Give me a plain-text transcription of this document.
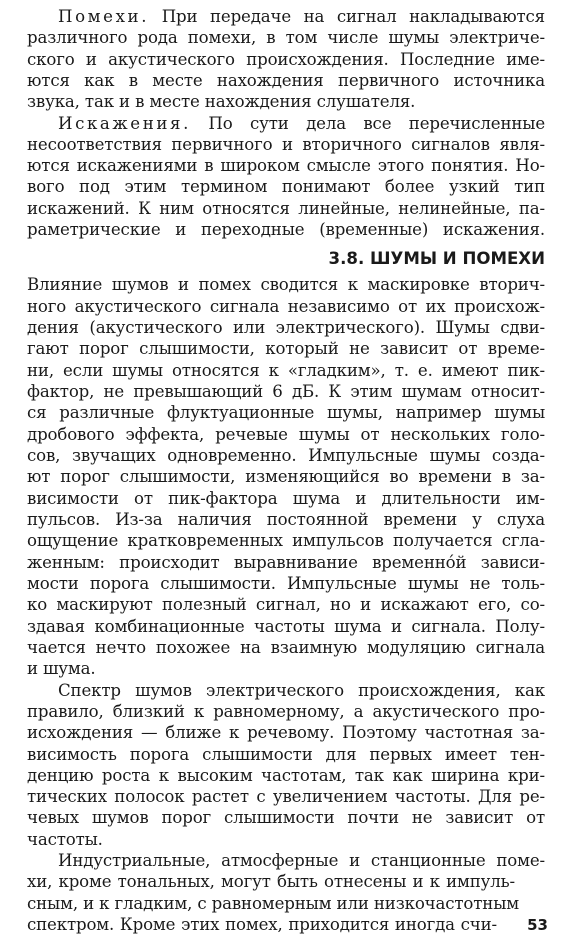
Помехи. При передаче на сигнал накладываются
различного рода помехи, в том числе шумы электриче-
ского и акустического происхождения. Последние име-
ются как в месте нахождения первичного источника
звука, так и в месте нахождения слушателя.
Искажения. По сути дела все перечисленные
несоответствия первичного и вторичного сигналов явля-
ются искажениями в широком смысле этого понятия. Но-
вого под этим термином понимают более узкий тип
искажений. К ним относятся линейные, нелинейные, па-
раметрические и переходные (временные) искажения.
3.8. ШУМЫ И ПОМЕХИ
Влияние шумов и помех сводится к маскировке вторич-
ного акустического сигнала независимо от их происхож-
дения (акустического или электрического). Шумы сдви-
гают порог слышимости, который не зависит от време-
ни, если шумы относятся к «гладким», т. е. имеют пик-
фактор, не превышающий 6 дБ. К этим шумам относит-
ся различные флуктуационные шумы, например шумы
дробового эффекта, речевые шумы от нескольких голо-
сов, звучащих одновременно. Импульсные шумы созда-
ют порог слышимости, изменяющийся во времени в за-
висимости от пик-фактора шума и длительности им-
пульсов. Из-за наличия постоянной времени у слуха
ощущение кратковременных импульсов получается сгла-
женным: происходит выравнивание временно́й зависи-
мости порога слышимости. Импульсные шумы не толь-
ко маскируют полезный сигнал, но и искажают его, со-
здавая комбинационные частоты шума и сигнала. Полу-
чается нечто похожее на взаимную модуляцию сигнала
и шума.
Спектр шумов электрического происхождения, как
правило, близкий к равномерному, а акустического про-
исхождения — ближе к речевому. Поэтому частотная за-
висимость порога слышимости для первых имеет тен-
денцию роста к высоким частотам, так как ширина кри-
тических полосок растет с увеличением частоты. Для ре-
чевых шумов порог слышимости почти не зависит от
частоты.
Индустриальные, атмосферные и станционные поме-
хи, кроме тональных, могут быть отнесены и к импуль-
сным, и к гладким, с равномерным или низкочастотным
спектром. Кроме этих помех, приходится иногда счи-	53
